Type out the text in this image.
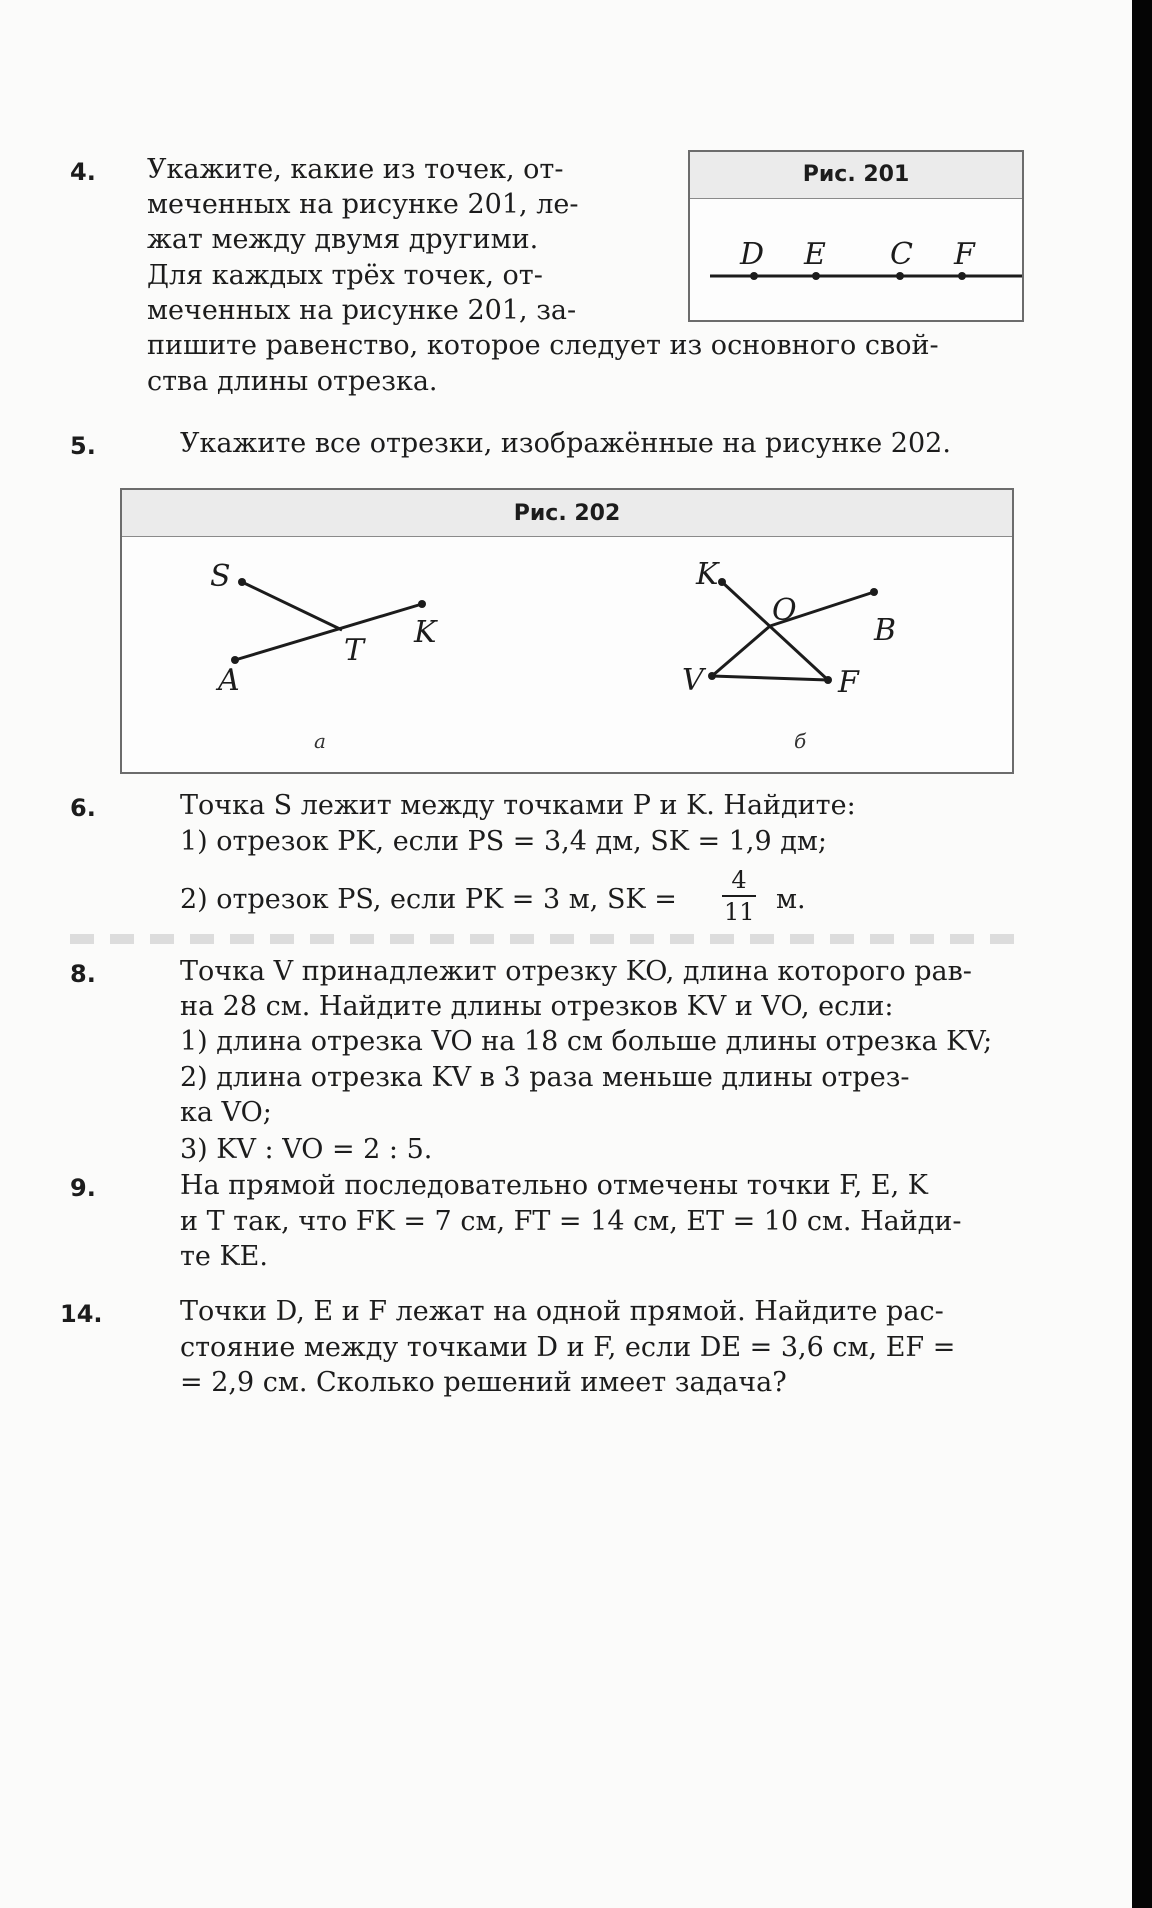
4. Укажите, какие из точек, от-
меченных на рисунке 201, ле-
жат между двумя другими.
Для каждых трёх точек, от-
меченных на рисунке 201, за-
пишите равенство, которое следует из основного свой-
ства длины отрезка.
Рис. 201
D E C F
5.	Укажите все отрезки, изображённые на рисунке 202.
Рис. 202
S
T
K
A
а
K
O
B
V	F
б
6.	Точка S лежит между точками P и K. Найдите:
1) отрезок PK, если PS = 3,4 дм, SK = 1,9 дм;
2) отрезок PS, если PK = 3 м, SK =
4
11 м.
8.	Точка V принадлежит отрезку KO, длина которого рав-
на 28 см. Найдите длины отрезков KV и VO, если:
1) длина отрезка VO на 18 см больше длины отрезка KV;
2) длина отрезка KV в 3 раза меньше длины отрез-
ка VO;
3) KV : VO = 2 : 5.
9.	На прямой последовательно отмечены точки F, E, K
и T так, что FK = 7 см, FT = 14 см, ET = 10 см. Найди-
те KE.
14.	Точки D, E и F лежат на одной прямой. Найдите рас-
стояние между точками D и F, если DE = 3,6 см, EF =
= 2,9 см. Сколько решений имеет задача?
